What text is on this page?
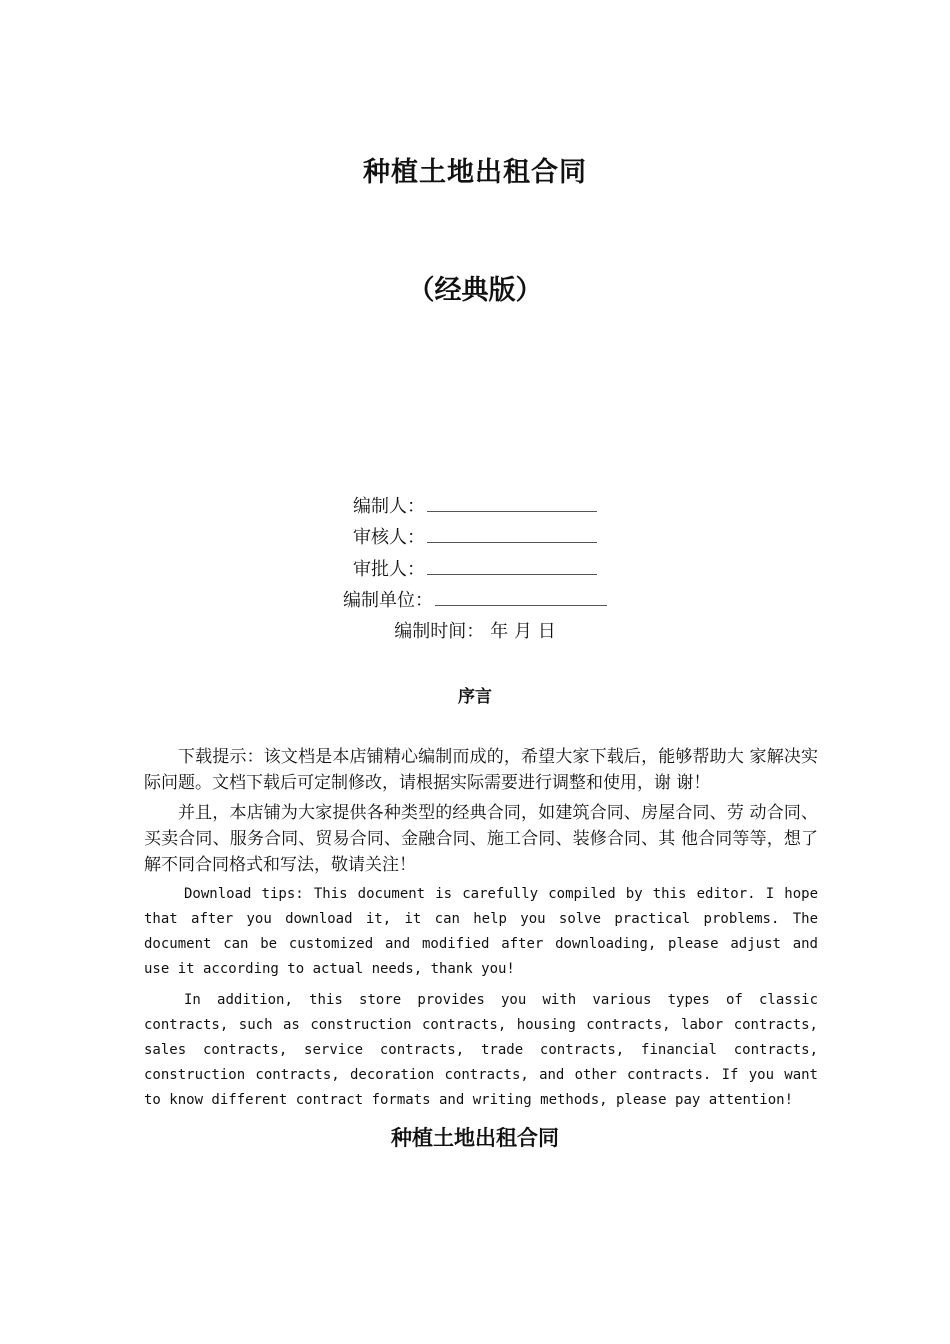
种植土地出租合同
（经典版）
编制人：
审核人：
审批人：
编制单位：
编制时间： 年 月 日
序言

下载提示：该文档是本店铺精心编制而成的，希望大家下载后，能够帮助大 家解决实际问题。文档下载后可定制修改，请根据实际需要进行调整和使用，谢 谢！

并且，本店铺为大家提供各种类型的经典合同，如建筑合同、房屋合同、劳 动合同、买卖合同、服务合同、贸易合同、金融合同、施工合同、装修合同、其 他合同等等，想了解不同合同格式和写法，敬请关注！

Download tips: This document is carefully compiled by this editor. I hope that after you download it, it can help you solve practical problems. The document can be customized and modified after downloading, please adjust and use it according to actual needs, thank you!

In addition, this store provides you with various types of classic contracts, such as construction contracts, housing contracts, labor contracts, sales contracts, service contracts, trade contracts, financial contracts, construction contracts, decoration contracts, and other contracts. If you want to know different contract formats and writing methods, please pay attention!

种植土地出租合同
